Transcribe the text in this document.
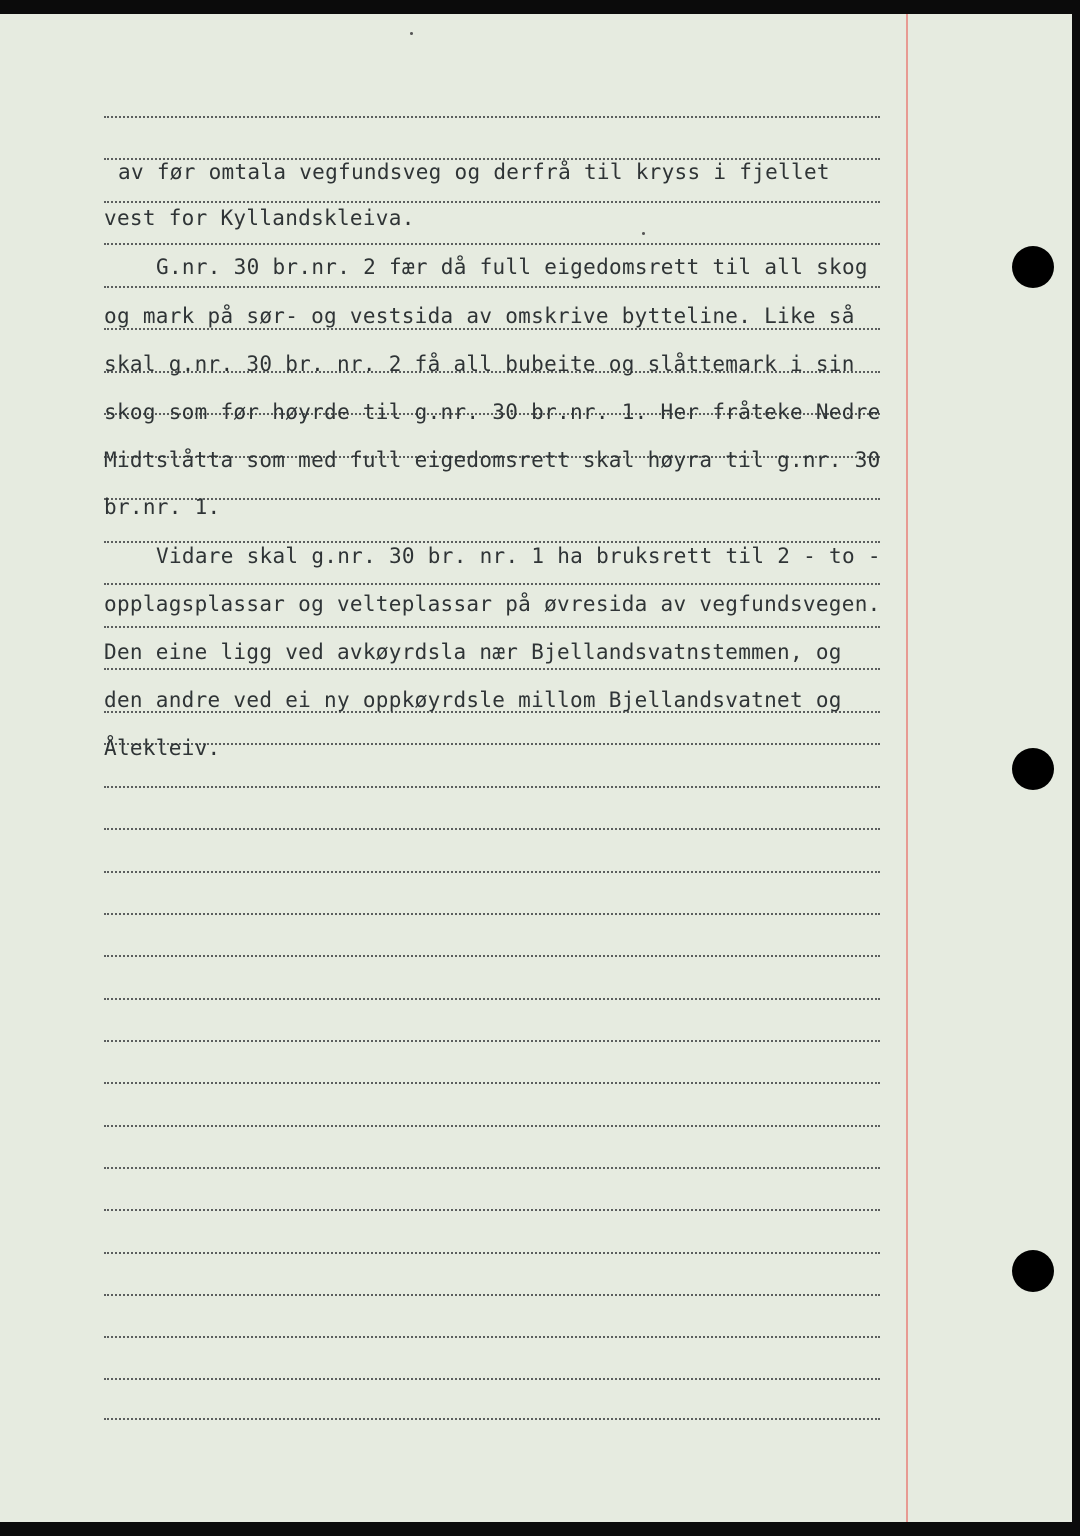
av før omtala vegfundsveg og derfrå til kryss i fjellet

vest for Kyllandskleiva.

G.nr. 30 br.nr. 2 fær då full eigedomsrett til all skog

og mark på sør- og vestsida av omskrive bytteline. Like så

skal g.nr. 30 br. nr. 2 få all bubeite og slåttemark i sin

skog som før høyrde til g.nr. 30 br.nr. 1. Her fråteke Nedre

Midtslåtta som med full eigedomsrett skal høyra til g.nr. 30

br.nr. 1.

Vidare skal g.nr. 30 br. nr. 1 ha bruksrett til 2 - to -

opplagsplassar og velteplassar på øvresida av vegfundsvegen.

Den eine ligg ved avkøyrdsla nær Bjellandsvatnstemmen, og

den andre ved ei ny oppkøyrdsle millom Bjellandsvatnet og

Ålekleiv.
